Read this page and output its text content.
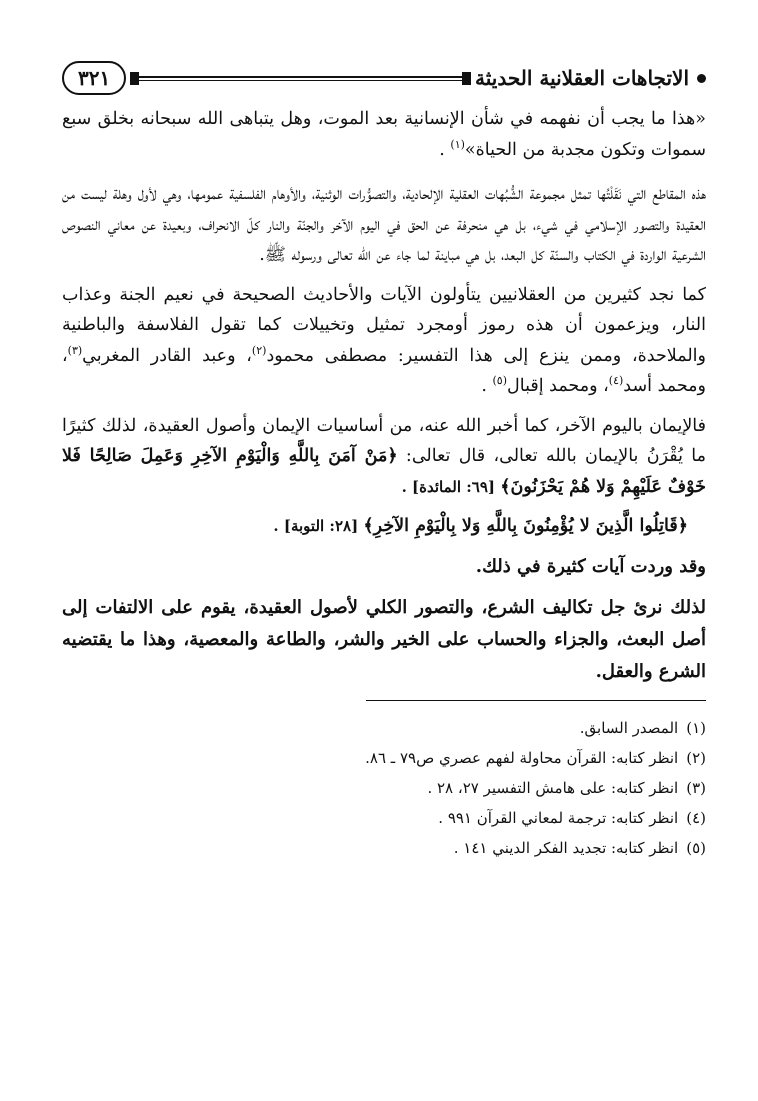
الاتجاهات العقلانية الحديثة
٣٢١

«هذا ما يجب أن نفهمه في شأن الإنسانية بعد الموت، وهل يتباهى الله سبحانه بخلق سبع سموات وتكون مجدبة من الحياة»$^{(١)}$ .

هذه المقاطع التي نَقَلْتُها تمثل مجموعة الشُّبُهات العقلية الإلحادية، والتصوُّرات الوثنية، والأوهام الفلسفية عمومها، وهي لأول وهلة ليست من العقيدة والتصور الإسلامي في شيء، بل هي منحرفة عن الحق في اليوم الآخر والجنّة والنار كلّ الانحراف، وبعيدة عن معاني النصوص الشرعية الواردة في الكتاب والسنّة كل البعد، بل هي مباينة لما جاء عن الله تعالى ورسوله ﷺ.

كما نجد كثيرين من العقلانيين يتأولون الآيات والأحاديث الصحيحة في نعيم الجنة وعذاب النار، ويزعمون أن هذه رموز أومجرد تمثيل وتخييلات كما تقول الفلاسفة والباطنية والملاحدة، وممن ينزع إلى هذا التفسير: مصطفى محمود$^{(٢)}$، وعبد القادر المغربي$^{(٣)}$، ومحمد أسد$^{(٤)}$، ومحمد إقبال$^{(٥)}$ .

فالإيمان باليوم الآخر، كما أخبر الله عنه، من أساسيات الإيمان وأصول العقيدة، لذلك كثيرًا ما يُقْرَنُ بالإيمان بالله تعالى، قال تعالى: ﴿مَنْ آمَنَ بِاللَّهِ وَالْيَوْمِ الآخِرِ وَعَمِلَ صَالِحًا فَلا خَوْفٌ عَلَيْهِمْ وَلا هُمْ يَحْزَنُونَ﴾ [٦٩: المائدة] .

﴿قَاتِلُوا الَّذِينَ لا يُؤْمِنُونَ بِاللَّهِ وَلا بِالْيَوْمِ الآخِرِ﴾ [٢٨: التوبة] .

وقد وردت آيات كثيرة في ذلك.

لذلك نرئ جل تكاليف الشرع، والتصور الكلي لأصول العقيدة، يقوم على الالتفات إلى أصل البعث، والجزاء والحساب على الخير والشر، والطاعة والمعصية، وهذا ما يقتضيه الشرع والعقل.

(١)المصدر السابق.

(٢)انظر كتابه: القرآن محاولة لفهم عصري ص٧٩ ـ ٨٦.

(٣)انظر كتابه: على هامش التفسير ٢٧، ٢٨ .

(٤)انظر كتابه: ترجمة لمعاني القرآن ٩٩١ .

(٥)انظر كتابه: تجديد الفكر الديني ١٤١ .
